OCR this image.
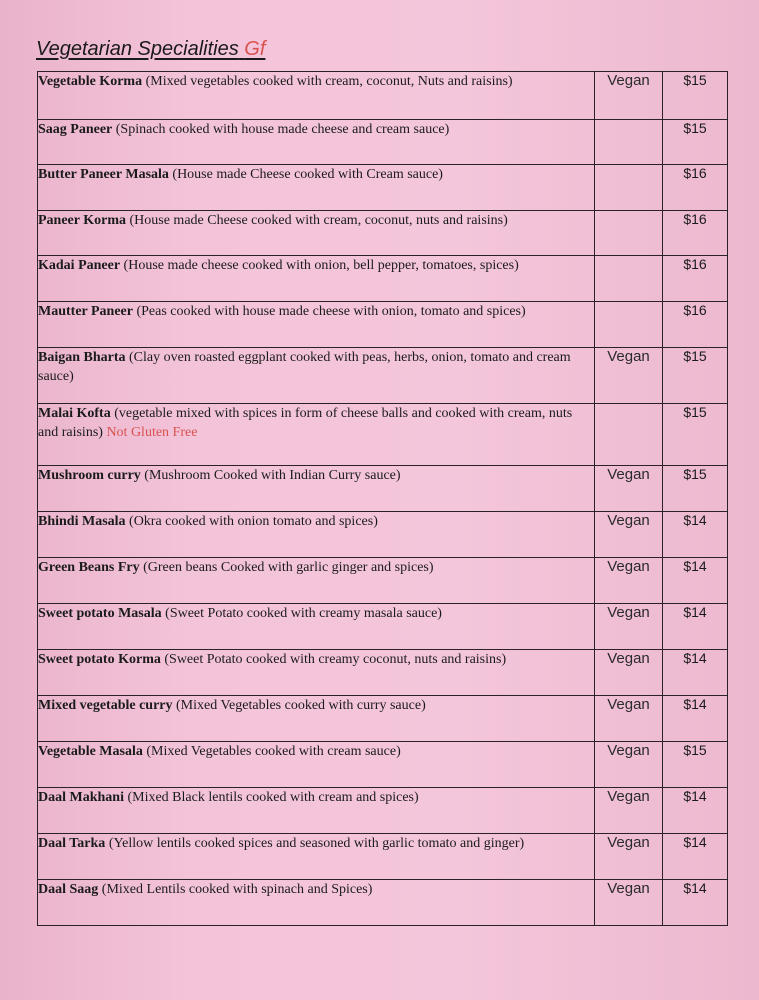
Vegetarian Specialities Gf
Vegetable Korma (Mixed vegetables cooked with cream, coconut, Nuts and raisins)	Vegan	$15
Saag Paneer (Spinach cooked with house made cheese and cream sauce)		$15
Butter Paneer Masala (House made Cheese cooked with Cream sauce)		$16
Paneer Korma (House made Cheese cooked with cream, coconut, nuts and raisins)		$16
Kadai Paneer (House made cheese cooked with onion, bell pepper, tomatoes, spices)		$16
Mautter Paneer (Peas cooked with house made cheese with onion, tomato and spices)		$16
Baigan Bharta (Clay oven roasted eggplant cooked with peas, herbs, onion, tomato and cream sauce)	Vegan	$15
Malai Kofta (vegetable mixed with spices in form of cheese balls and cooked with cream, nuts and raisins) Not Gluten Free		$15
Mushroom curry (Mushroom Cooked with Indian Curry sauce)	Vegan	$15
Bhindi Masala (Okra cooked with onion tomato and spices)	Vegan	$14
Green Beans Fry (Green beans Cooked with garlic ginger and spices)	Vegan	$14
Sweet potato Masala (Sweet Potato cooked with creamy masala sauce)	Vegan	$14
Sweet potato Korma (Sweet Potato cooked with creamy coconut, nuts and raisins)	Vegan	$14
Mixed vegetable curry (Mixed Vegetables cooked with curry sauce)	Vegan	$14
Vegetable Masala (Mixed Vegetables cooked with cream sauce)	Vegan	$15
Daal Makhani (Mixed Black lentils cooked with cream and spices)	Vegan	$14
Daal Tarka (Yellow lentils cooked spices and seasoned with garlic tomato and ginger)	Vegan	$14
Daal Saag (Mixed Lentils cooked with spinach and Spices)	Vegan	$14
